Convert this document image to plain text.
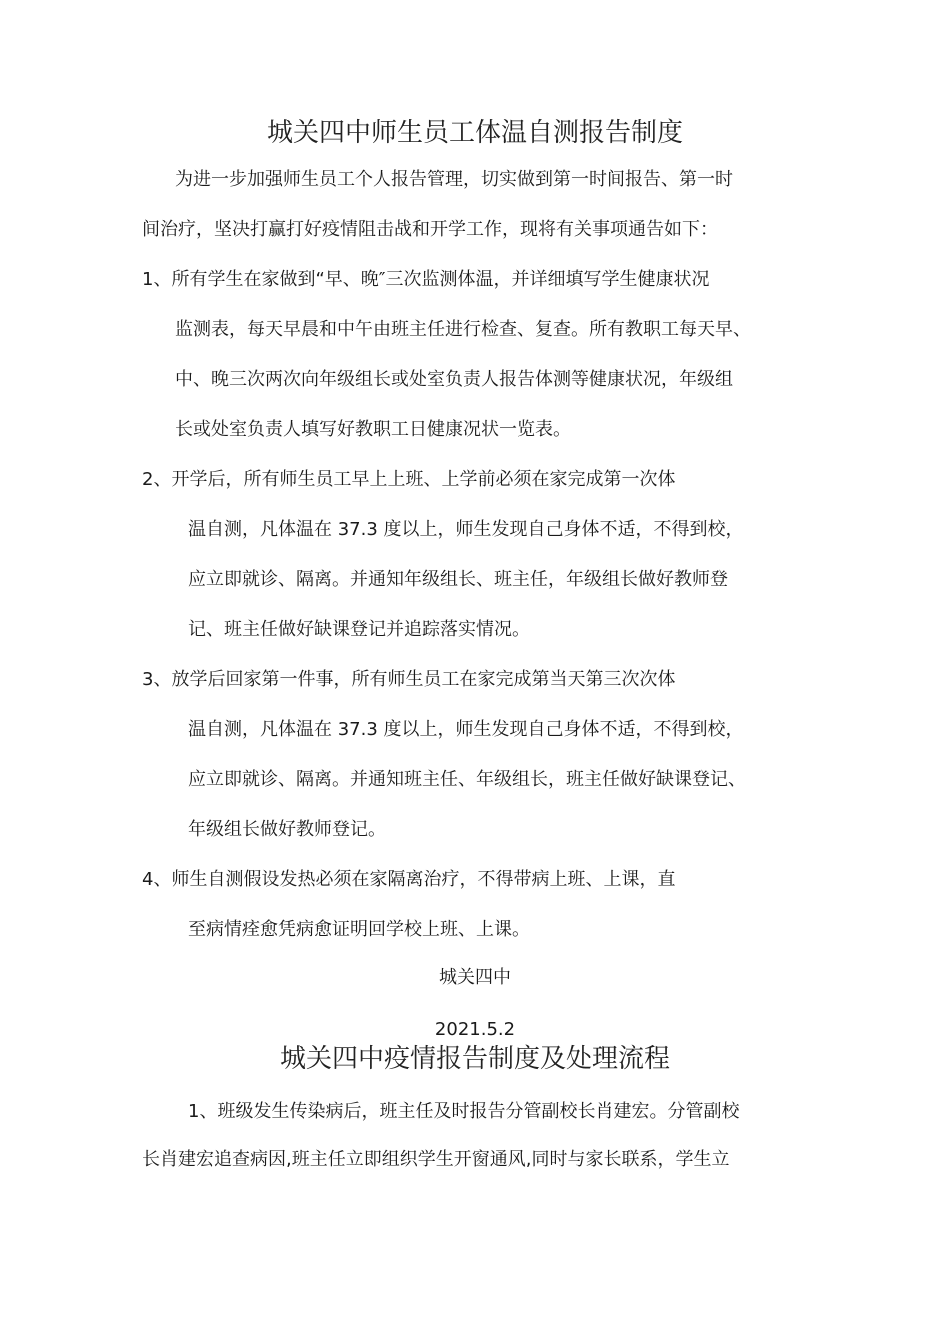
城关四中师生员工体温自测报告制度
为进一步加强师生员工个人报告管理，切实做到第一时间报告、第一时
间治疗，坚决打赢打好疫情阻击战和开学工作，现将有关事项通告如下：
1、所有学生在家做到“早、晚″三次监测体温，并详细填写学生健康状况
监测表，每天早晨和中午由班主任进行检查、复查。所有教职工每天早、
中、晚三次两次向年级组长或处室负责人报告体测等健康状况，年级组
长或处室负责人填写好教职工日健康况状一览表。
2、开学后，所有师生员工早上上班、上学前必须在家完成第一次体
温自测，凡体温在 37.3 度以上，师生发现自己身体不适，不得到校，
应立即就诊、隔离。并通知年级组长、班主任，年级组长做好教师登
记、班主任做好缺课登记并追踪落实情况。
3、放学后回家第一件事，所有师生员工在家完成第当天第三次次体
温自测，凡体温在 37.3 度以上，师生发现自己身体不适，不得到校，
应立即就诊、隔离。并通知班主任、年级组长，班主任做好缺课登记、
年级组长做好教师登记。
4、师生自测假设发热必须在家隔离治疗，不得带病上班、上课，直
至病情痊愈凭病愈证明回学校上班、上课。
城关四中
2021.5.2
城关四中疫情报告制度及处理流程
1、班级发生传染病后，班主任及时报告分管副校长肖建宏。分管副校
长肖建宏追查病因,班主任立即组织学生开窗通风,同时与家长联系，学生立
